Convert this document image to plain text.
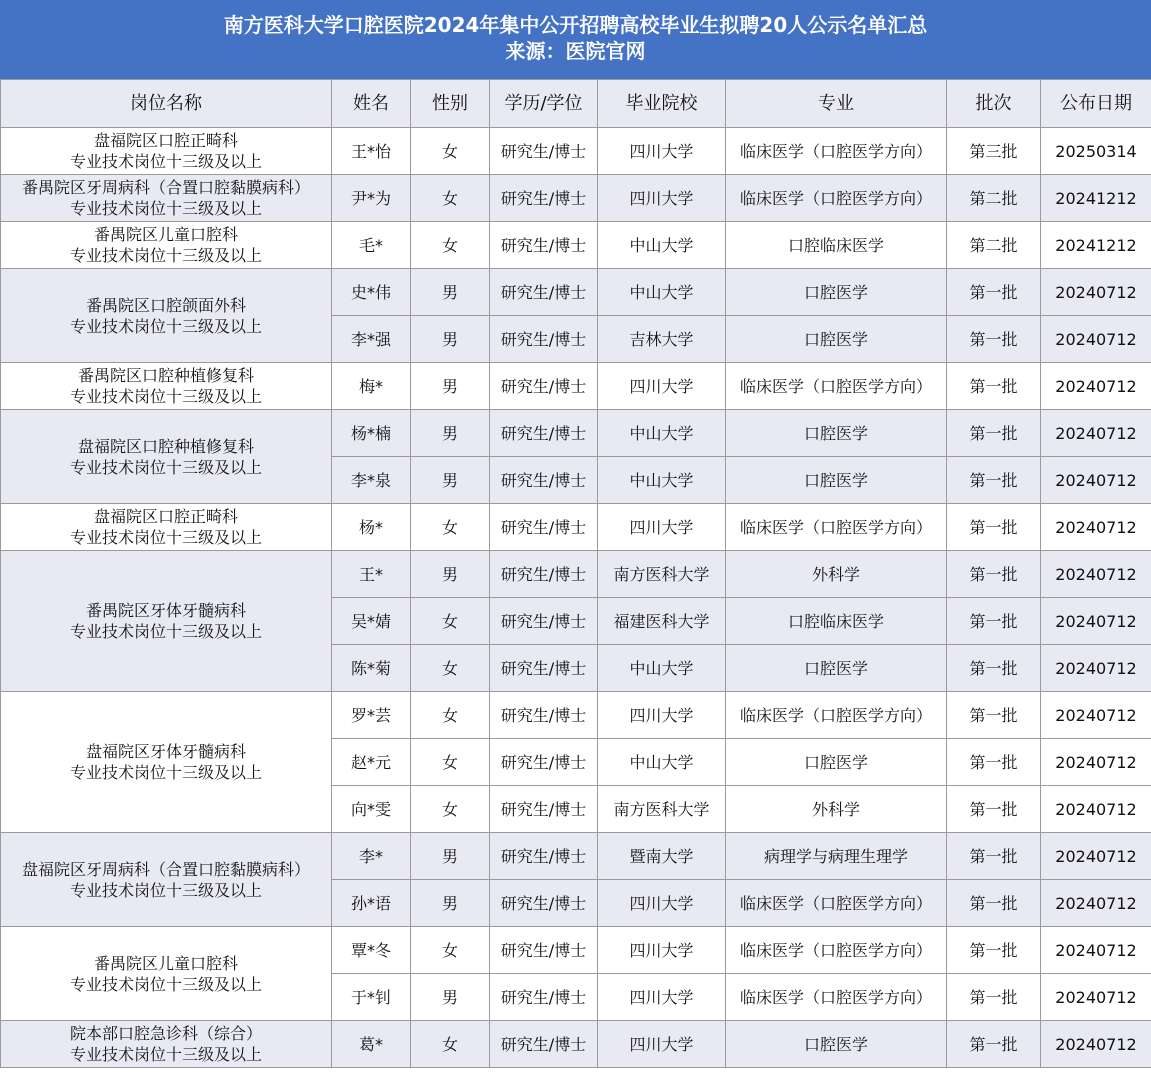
南方医科大学口腔医院2024年集中公开招聘高校毕业生拟聘20人公示名单汇总
来源：医院官网
岗位名称	姓名	性别	学历/学位	毕业院校	专业	批次	公布日期

盘福院区口腔正畸科
专业技术岗位十三级及以上	王*怡	女	研究生/博士	四川大学	临床医学（口腔医学方向）	第三批	20250314

番禺院区牙周病科（合置口腔黏膜病科）
专业技术岗位十三级及以上	尹*为	女	研究生/博士	四川大学	临床医学（口腔医学方向）	第二批	20241212

番禺院区儿童口腔科
专业技术岗位十三级及以上	毛*	女	研究生/博士	中山大学	口腔临床医学	第二批	20241212

番禺院区口腔颌面外科
专业技术岗位十三级及以上	史*伟	男	研究生/博士	中山大学	口腔医学	第一批	20240712
	李*强	男	研究生/博士	吉林大学	口腔医学	第一批	20240712

番禺院区口腔种植修复科
专业技术岗位十三级及以上	梅*	男	研究生/博士	四川大学	临床医学（口腔医学方向）	第一批	20240712

盘福院区口腔种植修复科
专业技术岗位十三级及以上	杨*楠	男	研究生/博士	中山大学	口腔医学	第一批	20240712
	李*泉	男	研究生/博士	中山大学	口腔医学	第一批	20240712

盘福院区口腔正畸科
专业技术岗位十三级及以上	杨*	女	研究生/博士	四川大学	临床医学（口腔医学方向）	第一批	20240712

番禺院区牙体牙髓病科
专业技术岗位十三级及以上	王*	男	研究生/博士	南方医科大学	外科学	第一批	20240712
	吴*婧	女	研究生/博士	福建医科大学	口腔临床医学	第一批	20240712
	陈*菊	女	研究生/博士	中山大学	口腔医学	第一批	20240712

盘福院区牙体牙髓病科
专业技术岗位十三级及以上	罗*芸	女	研究生/博士	四川大学	临床医学（口腔医学方向）	第一批	20240712
	赵*元	女	研究生/博士	中山大学	口腔医学	第一批	20240712
	向*雯	女	研究生/博士	南方医科大学	外科学	第一批	20240712

盘福院区牙周病科（合置口腔黏膜病科）
专业技术岗位十三级及以上	李*	男	研究生/博士	暨南大学	病理学与病理生理学	第一批	20240712
	孙*语	男	研究生/博士	四川大学	临床医学（口腔医学方向）	第一批	20240712

番禺院区儿童口腔科
专业技术岗位十三级及以上	覃*冬	女	研究生/博士	四川大学	临床医学（口腔医学方向）	第一批	20240712
	于*钊	男	研究生/博士	四川大学	临床医学（口腔医学方向）	第一批	20240712

院本部口腔急诊科（综合）
专业技术岗位十三级及以上	葛*	女	研究生/博士	四川大学	口腔医学	第一批	20240712
